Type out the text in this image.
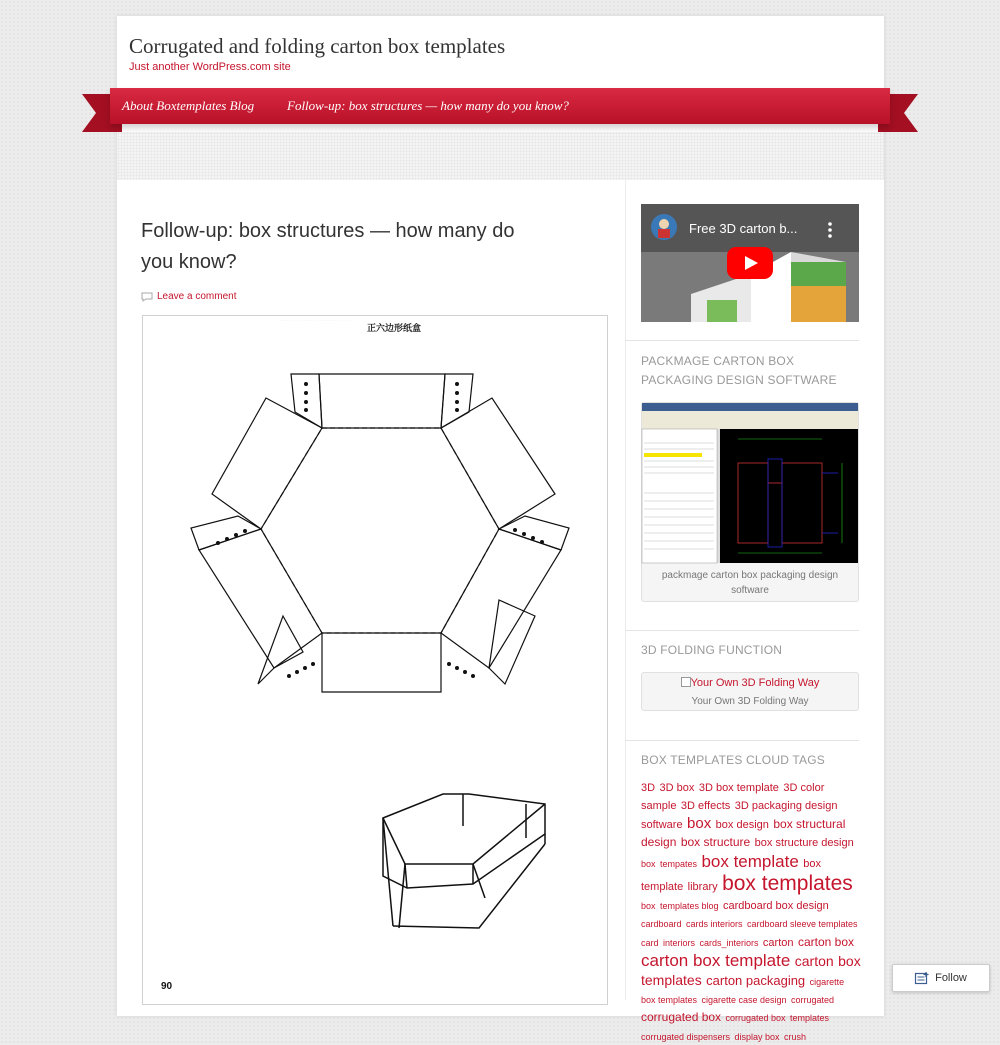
Corrugated and folding carton box templates
Just another WordPress.com site
About Boxtemplates Blog	Follow-up: box structures — how many do you know?
Follow-up: box structures — how many do you know?
Leave a comment
· · · · · · · · · · · · · · · · · · · · · · · · · · · · · · · · · · · · · · · ·
正六边形纸盒
90
Free 3D carton b...
PACKMAGE CARTON BOX PACKAGING DESIGN SOFTWARE
packmage carton box packaging design software
3D FOLDING FUNCTION
Your Own 3D Folding Way
Your Own 3D Folding Way
BOX TEMPLATES CLOUD TAGS
3D 3D box 3D box template 3D color sample 3D effects 3D packaging design software box box design box structural design box structure box structure design box tempates box template box template library box templates box templates blog cardboard box design cardboard cards interiors cardboard sleeve templates card interiors cards_interiors carton carton box carton box template carton box templates carton packaging cigarette box templates cigarette case design corrugated corrugated box corrugated box templates corrugated dispensers display box crush
Follow
